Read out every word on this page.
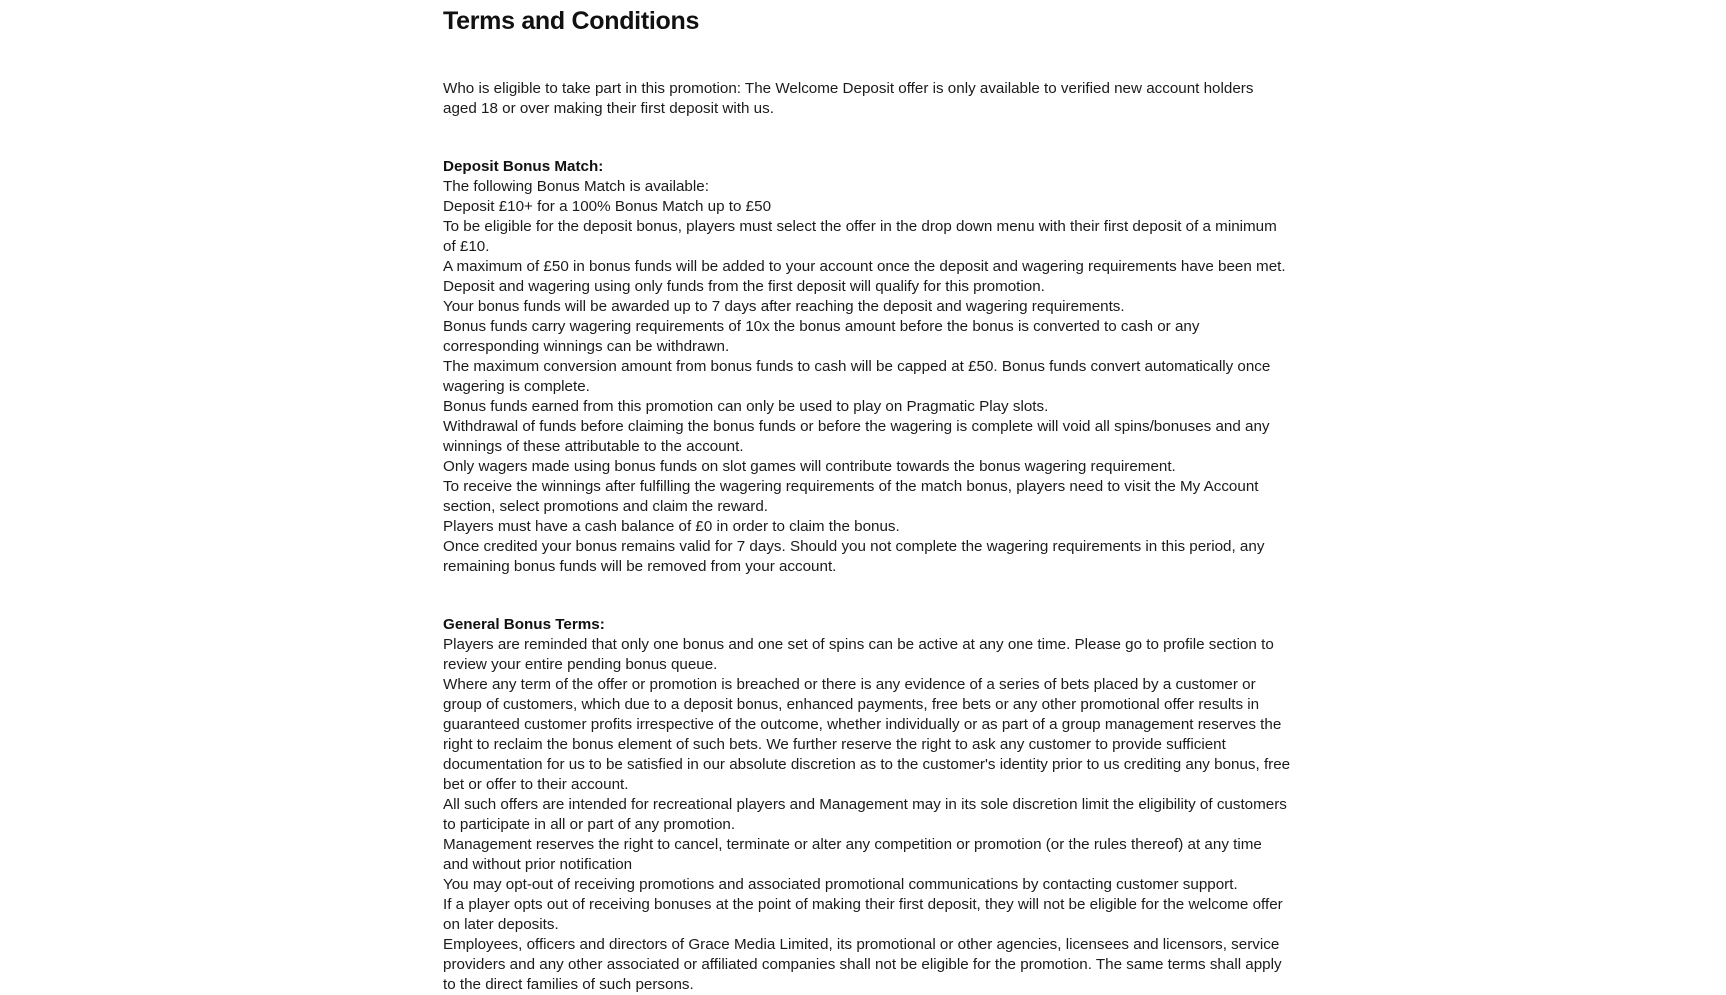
Terms and Conditions

Who is eligible to take part in this promotion: The Welcome Deposit offer is only available to verified new account holders aged 18 or over making their first deposit with us.

Deposit Bonus Match:

The following Bonus Match is available:

Deposit £10+ for a 100% Bonus Match up to £50

To be eligible for the deposit bonus, players must select the offer in the drop down menu with their first deposit of a minimum of £10.

A maximum of £50 in bonus funds will be added to your account once the deposit and wagering requirements have been met.

Deposit and wagering using only funds from the first deposit will qualify for this promotion.

Your bonus funds will be awarded up to 7 days after reaching the deposit and wagering requirements.

Bonus funds carry wagering requirements of 10x the bonus amount before the bonus is converted to cash or any corresponding winnings can be withdrawn.

The maximum conversion amount from bonus funds to cash will be capped at £50. Bonus funds convert automatically once wagering is complete.

Bonus funds earned from this promotion can only be used to play on Pragmatic Play slots.

Withdrawal of funds before claiming the bonus funds or before the wagering is complete will void all spins/bonuses and any winnings of these attributable to the account.

Only wagers made using bonus funds on slot games will contribute towards the bonus wagering requirement.

To receive the winnings after fulfilling the wagering requirements of the match bonus, players need to visit the My Account section, select promotions and claim the reward.

Players must have a cash balance of £0 in order to claim the bonus.

Once credited your bonus remains valid for 7 days. Should you not complete the wagering requirements in this period, any remaining bonus funds will be removed from your account.

General Bonus Terms:

Players are reminded that only one bonus and one set of spins can be active at any one time. Please go to profile section to review your entire pending bonus queue.

Where any term of the offer or promotion is breached or there is any evidence of a series of bets placed by a customer or group of customers, which due to a deposit bonus, enhanced payments, free bets or any other promotional offer results in guaranteed customer profits irrespective of the outcome, whether individually or as part of a group management reserves the right to reclaim the bonus element of such bets. We further reserve the right to ask any customer to provide sufficient documentation for us to be satisfied in our absolute discretion as to the customer's identity prior to us crediting any bonus, free bet or offer to their account.

All such offers are intended for recreational players and Management may in its sole discretion limit the eligibility of customers to participate in all or part of any promotion.

Management reserves the right to cancel, terminate or alter any competition or promotion (or the rules thereof) at any time and without prior notification

You may opt-out of receiving promotions and associated promotional communications by contacting customer support.

If a player opts out of receiving bonuses at the point of making their first deposit, they will not be eligible for the welcome offer on later deposits.

Employees, officers and directors of Grace Media Limited, its promotional or other agencies, licensees and licensors, service providers and any other associated or affiliated companies shall not be eligible for the promotion. The same terms shall apply to the direct families of such persons.
